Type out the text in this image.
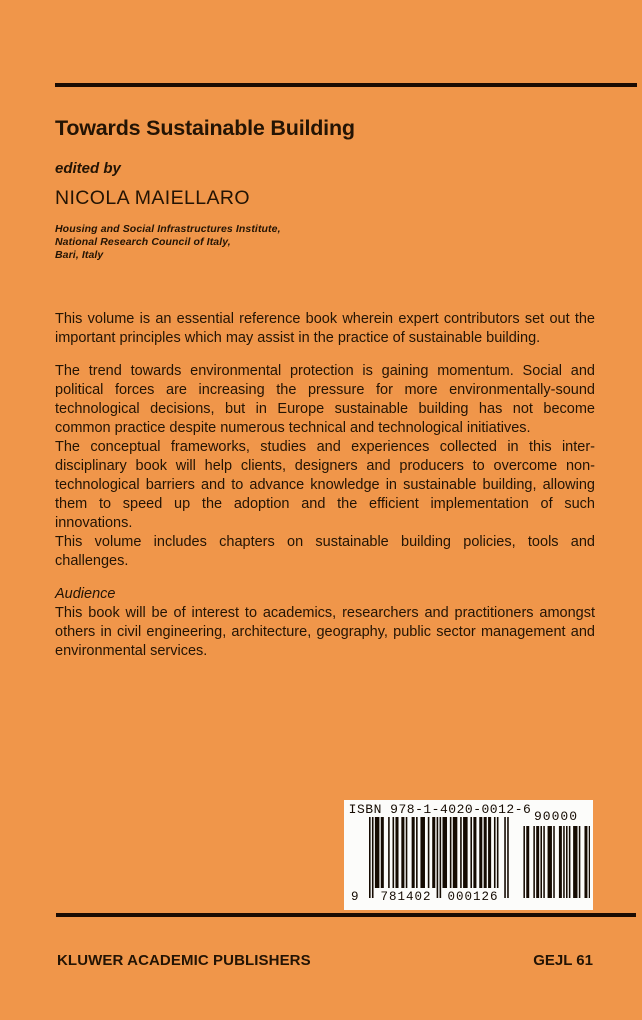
Towards Sustainable Building
edited by
NICOLA MAIELLARO
Housing and Social Infrastructures Institute,
National Research Council of Italy,
Bari, Italy
This volume is an essential reference book wherein expert contributors set out the
important principles which may assist in the practice of sustainable building.
The trend towards environmental protection is gaining momentum. Social and
political forces are increasing the pressure for more environmentally-sound
technological decisions, but in Europe sustainable building has not become
common practice despite numerous technical and technological initiatives.
The conceptual frameworks, studies and experiences collected in this inter-
disciplinary book will help clients, designers and producers to overcome non-
technological barriers and to advance knowledge in sustainable building, allowing
them to speed up the adoption and the efficient implementation of such
innovations.
This volume includes chapters on sustainable building policies, tools and
challenges.
Audience
This book will be of interest to academics, researchers and practitioners amongst
others in civil engineering, architecture, geography, public sector management and
environmental services.
ISBN 978-1-4020-0012-6
9 781402	000126
90000
KLUWER ACADEMIC PUBLISHERS	GEJL 61
